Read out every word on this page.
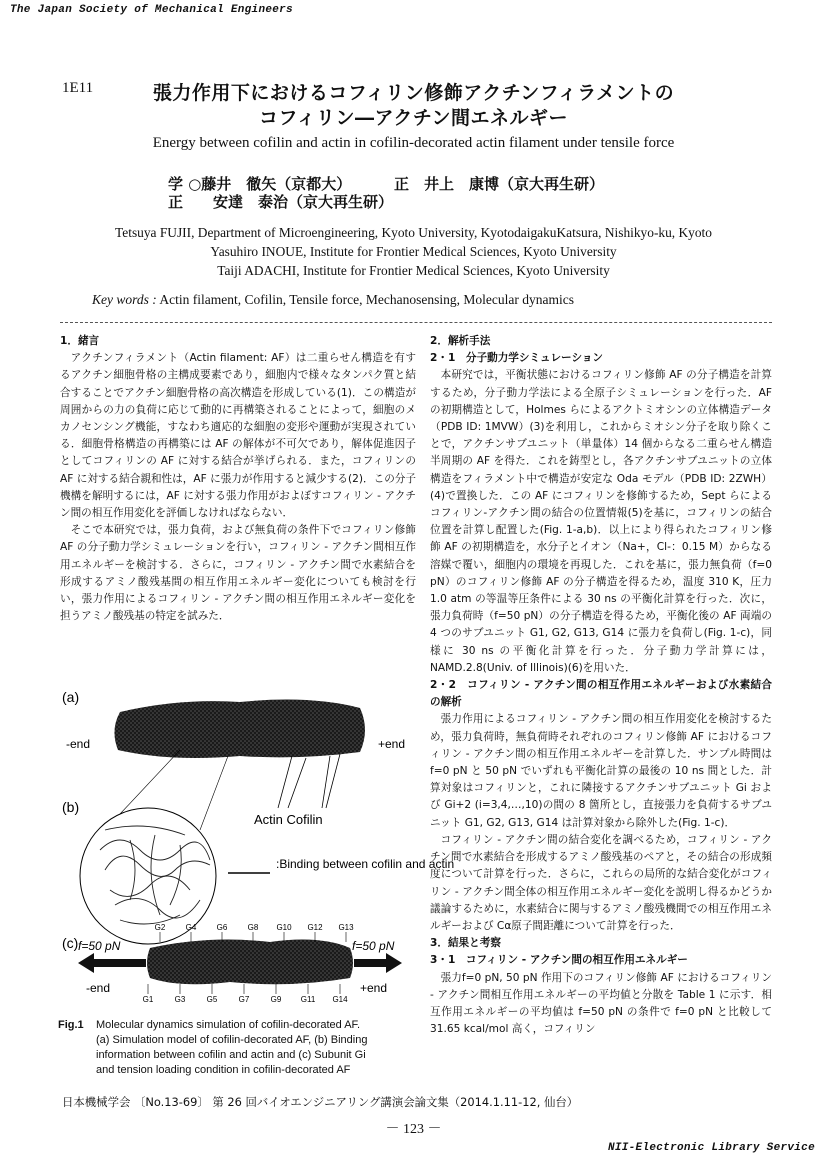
The Japan Society of Mechanical Engineers
1E11	張力作用下におけるコフィリン修飾アクチンフィラメントの
コフィリン―アクチン間エネルギー
Energy between cofilin and actin in cofilin-decorated actin filament under tensile force
学 ○藤井　徹矢（京都大）　　　 正　井上　康博（京大再生研）
正　　安達　泰治（京大再生研）
Tetsuya FUJII, Department of Microengineering, Kyoto University, KyotodaigakuKatsura, Nishikyo-ku, Kyoto
Yasuhiro INOUE, Institute for Frontier Medical Sciences, Kyoto University
Taiji ADACHI, Institute for Frontier Medical Sciences, Kyoto University
Key words : Actin filament, Cofilin, Tensile force, Mechanosensing, Molecular dynamics

1．緒言

アクチンフィラメント（Actin filament: AF）は二重らせん構造を有するアクチン細胞骨格の主構成要素であり，細胞内で様々なタンパク質と結合することでアクチン細胞骨格の高次構造を形成している(1)．この構造が周囲からの力の負荷に応じて動的に再構築されることによって，細胞のメカノセンシング機能，すなわち適応的な細胞の変形や運動が実現されている．細胞骨格構造の再構築には AF の解体が不可欠であり，解体促進因子としてコフィリンの AF に対する結合が挙げられる．また，コフィリンの AF に対する結合親和性は，AF に張力が作用すると減少する(2)．この分子機構を解明するには，AF に対する張力作用がおよぼすコフィリン - アクチン間の相互作用変化を評価しなければならない．

そこで本研究では，張力負荷，および無負荷の条件下でコフィリン修飾 AF の分子動力学シミュレーションを行い，コフィリン - アクチン間相互作用エネルギーを検討する．さらに，コフィリン - アクチン間で水素結合を形成するアミノ酸残基間の相互作用エネルギー変化についても検討を行い，張力作用によるコフィリン - アクチン間の相互作用エネルギー変化を担うアミノ酸残基の特定を試みた．

(a)
-end	+end
Actin Cofilin
(b)
:Binding between cofilin and actin
(c) f=50 pN	f=50 pN
-end	+end
G2	G4	G6	G8 G10 G12 G13
G1	G3	G5	G7	G9 G11 G14
Fig.1 Molecular dynamics simulation of cofilin-decorated AF.
(a) Simulation model of cofilin-decorated AF, (b) Binding
information between cofilin and actin and (c) Subunit Gi
and tension loading condition in cofilin-decorated AF

2．解析手法

2・1　分子動力学シミュレーション

本研究では，平衡状態におけるコフィリン修飾 AF の分子構造を計算するため，分子動力学法による全原子シミュレーションを行った．AF の初期構造として，Holmes らによるアクトミオシンの立体構造データ（PDB ID: 1MVW）(3)を利用し，これからミオシン分子を取り除くことで，アクチンサブユニット（単量体）14 個からなる二重らせん構造半周期の AF を得た．これを鋳型とし，各アクチンサブユニットの立体構造をフィラメント中で構造が安定な Oda モデル（PDB ID: 2ZWH）(4)で置換した．この AF にコフィリンを修飾するため，Sept らによるコフィリン-アクチン間の結合の位置情報(5)を基に，コフィリンの結合位置を計算し配置した(Fig. 1-a,b)．以上により得られたコフィリン修飾 AF の初期構造を，水分子とイオン（Na+，Cl-：0.15 M）からなる溶媒で覆い，細胞内の環境を再現した．これを基に，張力無負荷（f=0 pN）のコフィリン修飾 AF の分子構造を得るため，温度 310 K，圧力 1.0 atm の等温等圧条件による 30 ns の平衡化計算を行った．次に，張力負荷時（f=50 pN）の分子構造を得るため，平衡化後の AF 両端の 4 つのサブユニット G1, G2, G13, G14 に張力を負荷し(Fig. 1-c)，同様に 30 ns の平衡化計算を行った．分子動力学計算には，NAMD.2.8(Univ. of Illinois)(6)を用いた．

2・2　コフィリン - アクチン間の相互作用エネルギーおよび水素結合の解析

張力作用によるコフィリン - アクチン間の相互作用変化を検討するため，張力負荷時，無負荷時それぞれのコフィリン修飾 AF におけるコフィリン - アクチン間の相互作用エネルギーを計算した．サンプル時間は f=0 pN と 50 pN でいずれも平衡化計算の最後の 10 ns 間とした．計算対象はコフィリンと，これに隣接するアクチンサブユニット Gi および Gi+2 (i=3,4,…,10)の間の 8 箇所とし，直接張力を負荷するサブユニット G1, G2, G13, G14 は計算対象から除外した(Fig. 1-c)．

コフィリン - アクチン間の結合変化を調べるため，コフィリン - アクチン間で水素結合を形成するアミノ酸残基のペアと，その結合の形成頻度について計算を行った．さらに，これらの局所的な結合変化がコフィリン - アクチン間全体の相互作用エネルギー変化を説明し得るかどうか議論するために，水素結合に関与するアミノ酸残機間での相互作用エネルギーおよび Cα原子間距離について計算を行った．

3．結果と考察

3・1　コフィリン - アクチン間の相互作用エネルギー

張力f=0 pN, 50 pN 作用下のコフィリン修飾 AF におけるコフィリン - アクチン間相互作用エネルギーの平均値と分散を Table 1 に示す．相互作用エネルギーの平均値は f=50 pN の条件で f=0 pN と比較して 31.65 kcal/mol 高く，コフィリン

日本機械学会 〔No.13-69〕 第 26 回バイオエンジニアリング講演会論文集（2014.1.11-12, 仙台）
－ 123 －
NII-Electronic Library Service
